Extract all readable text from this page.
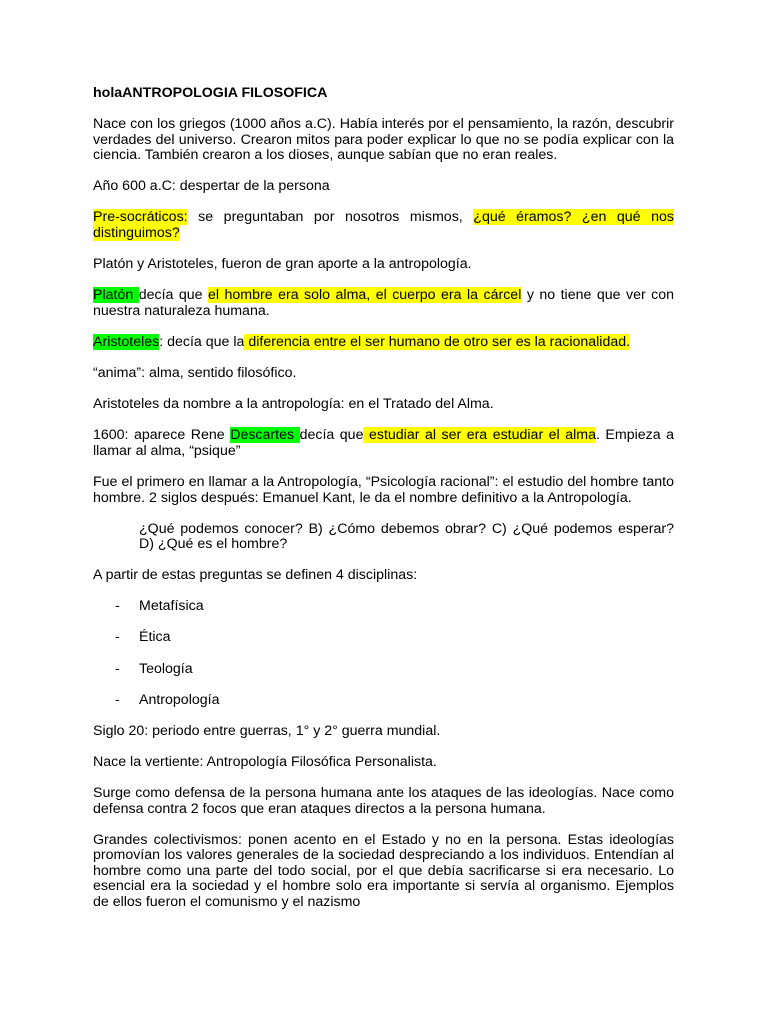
holaANTROPOLOGIA FILOSOFICA

Nace con los griegos (1000 años a.C). Había interés por el pensamiento, la razón, descubrir verdades del universo. Crearon mitos para poder explicar lo que no se podía explicar con la ciencia. También crearon a los dioses, aunque sabían que no eran reales.

Año 600 a.C: despertar de la persona

Pre-socráticos: se preguntaban por nosotros mismos, ¿qué éramos? ¿en qué nos distinguimos?

Platón y Aristoteles, fueron de gran aporte a la antropología.

Platón decía que el hombre era solo alma, el cuerpo era la cárcel y no tiene que ver con nuestra naturaleza humana.

Aristoteles: decía que la diferencia entre el ser humano de otro ser es la racionalidad.

“anima”: alma, sentido filosófico.

Aristoteles da nombre a la antropología: en el Tratado del Alma.

1600: aparece Rene Descartes decía que estudiar al ser era estudiar el alma. Empieza a llamar al alma, “psique”

Fue el primero en llamar a la Antropología, “Psicología racional”: el estudio del hombre tanto hombre. 2 siglos después: Emanuel Kant, le da el nombre definitivo a la Antropología.

¿Qué podemos conocer? B) ¿Cómo debemos obrar? C) ¿Qué podemos esperar? D) ¿Qué es el hombre?

A partir de estas preguntas se definen 4 disciplinas:

- Metafísica
- Ética
- Teología
- Antropología

Siglo 20: periodo entre guerras, 1° y 2° guerra mundial.

Nace la vertiente: Antropología Filosófica Personalista.

Surge como defensa de la persona humana ante los ataques de las ideologías. Nace como defensa contra 2 focos que eran ataques directos a la persona humana.

Grandes colectivismos: ponen acento en el Estado y no en la persona. Estas ideologías promovían los valores generales de la sociedad despreciando a los individuos. Entendían al hombre como una parte del todo social, por el que debía sacrificarse si era necesario. Lo esencial era la sociedad y el hombre solo era importante si servía al organismo. Ejemplos de ellos fueron el comunismo y el nazismo
